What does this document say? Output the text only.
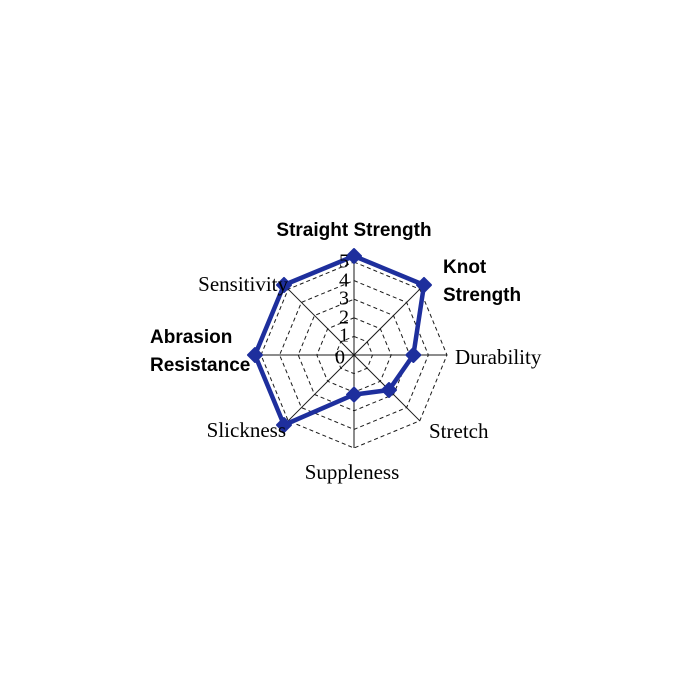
Straight Strength
Knot
Strength
Durability
Stretch
Suppleness
Slickness
Abrasion
Resistance
Sensitivity
0
1
2
3
4
5
